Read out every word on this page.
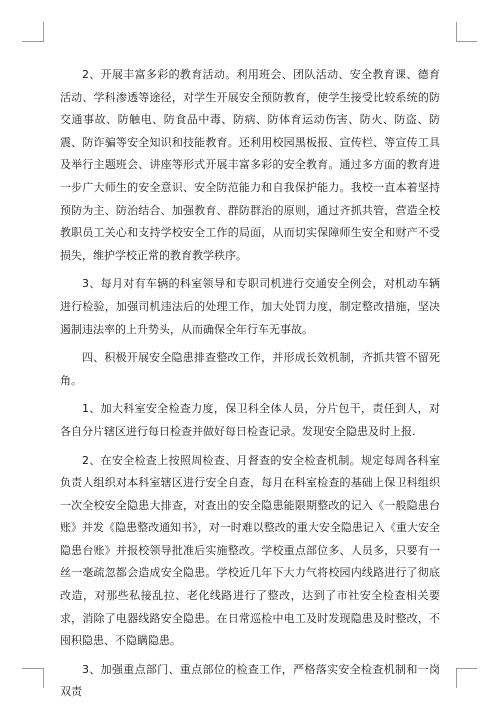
2、开展丰富多彩的教育活动。利用班会、团队活动、安全教育课、德育活动、学科渗透等途径，对学生开展安全预防教育，使学生接受比较系统的防交通事故、防触电、防食品中毒、防病、防体育运动伤害、防火、防盗、防震、防诈骗等安全知识和技能教育。还利用校园黑板报、宣传栏、等宣传工具及举行主题班会、讲座等形式开展丰富多彩的安全教育。通过多方面的教育进一步广大师生的安全意识、安全防范能力和自我保护能力。我校一直本着坚持预防为主、防治结合、加强教育、群防群治的原则，通过齐抓共管，营造全校教职员工关心和支持学校安全工作的局面，从而切实保障师生安全和财产不受损失，维护学校正常的教育教学秩序。

3、每月对有车辆的科室领导和专职司机进行交通安全例会，对机动车辆进行检验，加强司机违法后的处理工作，加大处罚力度，制定整改措施，坚决遏制违法率的上升势头，从而确保全年行车无事故。

四、积极开展安全隐患排查整改工作，并形成长效机制，齐抓共管不留死角。

1、加大科室安全检查力度，保卫科全体人员，分片包干，责任到人，对各自分片辖区进行每日检查并做好每日检查记录。发现安全隐患及时上报.

2、在安全检查上按照周检查、月督查的安全检查机制。规定每周各科室负责人组织对本科室辖区进行安全自查，每月在科室检查的基础上保卫科组织一次全校安全隐患大排查，对查出的安全隐患能限期整改的记入《一般隐患台账》并发《隐患整改通知书》，对一时难以整改的重大安全隐患记入《重大安全隐患台账》并报校领导批准后实施整改。学校重点部位多、人员多，只要有一丝一毫疏忽都会造成安全隐患。学校近几年下大力气将校园内线路进行了彻底改造，对那些私接乱拉、老化线路进行了整改，达到了市社安全检查相关要求，消除了电器线路安全隐患。在日常巡检中电工及时发现隐患及时整改，不囤积隐患、不隐瞒隐患。

3、加强重点部门、重点部位的检查工作，严格落实安全检查机制和一岗双责
